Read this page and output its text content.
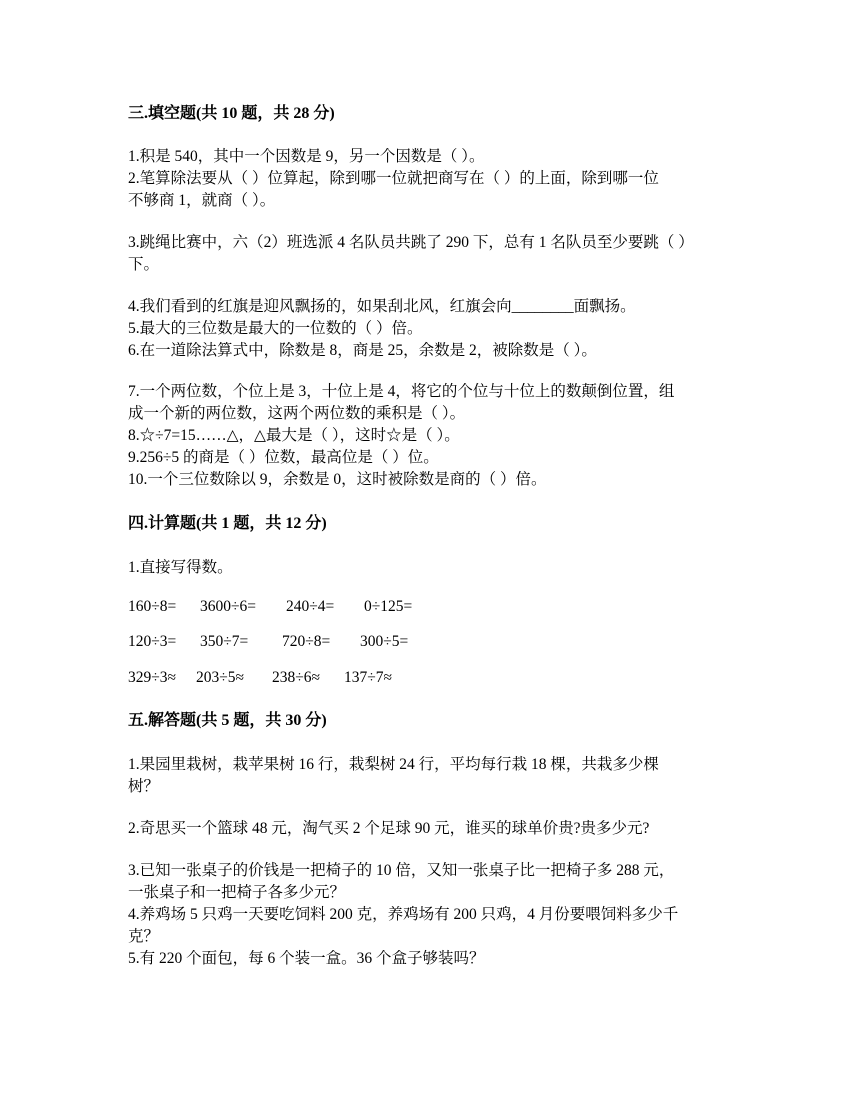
三.填空题(共 10 题，共 28 分)
1.积是 540，其中一个因数是 9，另一个因数是（ ）。
2.笔算除法要从（ ）位算起，除到哪一位就把商写在（ ）的上面，除到哪一位
不够商 1，就商（ ）。
3.跳绳比赛中，六（2）班选派 4 名队员共跳了 290 下，总有 1 名队员至少要跳（ ）
下。
4.我们看到的红旗是迎风飘扬的，如果刮北风，红旗会向________面飘扬。
5.最大的三位数是最大的一位数的（ ）倍。
6.在一道除法算式中，除数是 8，商是 25，余数是 2，被除数是（ ）。
7.一个两位数，个位上是 3，十位上是 4，将它的个位与十位上的数颠倒位置，组
成一个新的两位数，这两个两位数的乘积是（ ）。
8.☆÷7=15……△，△最大是（ ），这时☆是（ ）。
9.256÷5 的商是（ ）位数，最高位是（ ）位。
10.一个三位数除以 9，余数是 0，这时被除数是商的（ ）倍。
四.计算题(共 1 题，共 12 分)
1.直接写得数。
160÷8= 3600÷6= 240÷4= 0÷125=
120÷3= 350÷7= 720÷8= 300÷5=
329÷3≈ 203÷5≈ 238÷6≈ 137÷7≈
五.解答题(共 5 题，共 30 分)
1.果园里栽树，栽苹果树 16 行，栽梨树 24 行，平均每行栽 18 棵，共栽多少棵
树？
2.奇思买一个篮球 48 元，淘气买 2 个足球 90 元，谁买的球单价贵?贵多少元?
3.已知一张桌子的价钱是一把椅子的 10 倍，又知一张桌子比一把椅子多 288 元，
一张桌子和一把椅子各多少元？
4.养鸡场 5 只鸡一天要吃饲料 200 克，养鸡场有 200 只鸡，4 月份要喂饲料多少千
克？
5.有 220 个面包，每 6 个装一盒。36 个盒子够装吗？
